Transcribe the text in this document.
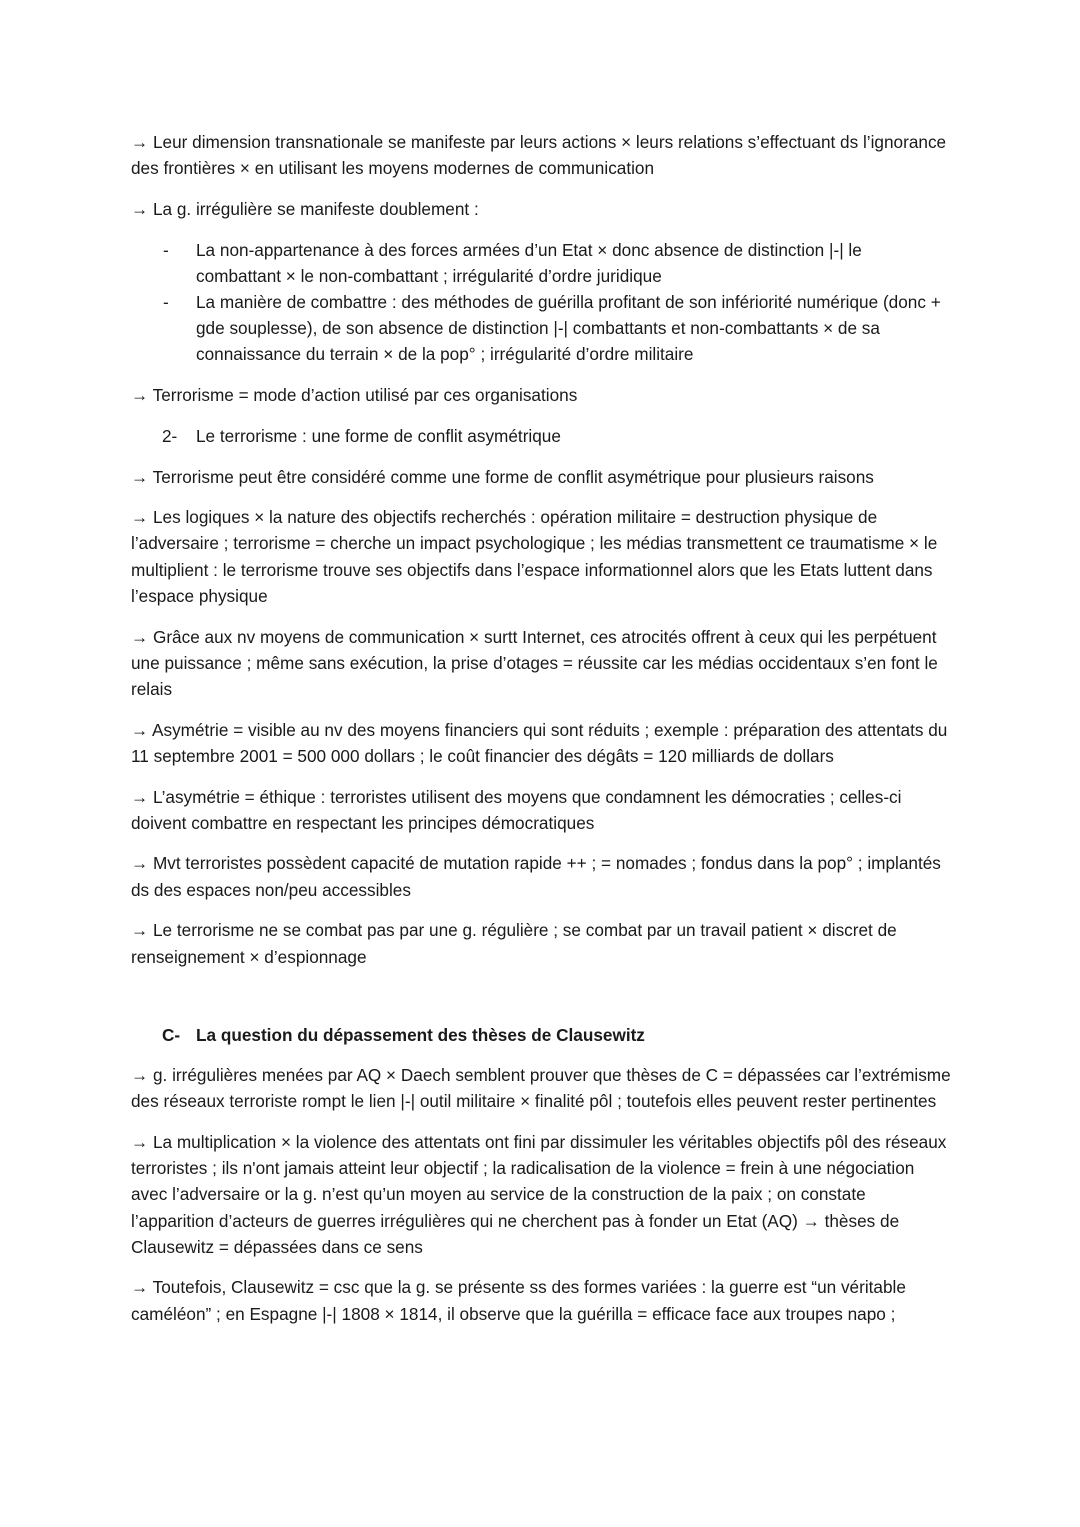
→ Leur dimension transnationale se manifeste par leurs actions × leurs relations s’effectuant ds l’ignorance des frontières × en utilisant les moyens modernes de communication

→ La g. irrégulière se manifeste doublement :

- La non-appartenance à des forces armées d’un Etat × donc absence de distinction |-| le combattant × le non-combattant ; irrégularité d’ordre juridique
- La manière de combattre : des méthodes de guérilla profitant de son infériorité numérique (donc + gde souplesse), de son absence de distinction |-| combattants et non-combattants × de sa connaissance du terrain × de la pop° ; irrégularité d’ordre militaire

→ Terrorisme = mode d’action utilisé par ces organisations

2- Le terrorisme : une forme de conflit asymétrique

→ Terrorisme peut être considéré comme une forme de conflit asymétrique pour plusieurs raisons

→ Les logiques × la nature des objectifs recherchés : opération militaire = destruction physique de l’adversaire ; terrorisme = cherche un impact psychologique ; les médias transmettent ce traumatisme × le multiplient : le terrorisme trouve ses objectifs dans l’espace informationnel alors que les Etats luttent dans l’espace physique

→ Grâce aux nv moyens de communication × surtt Internet, ces atrocités offrent à ceux qui les perpétuent une puissance ; même sans exécution, la prise d’otages = réussite car les médias occidentaux s’en font le relais

→ Asymétrie = visible au nv des moyens financiers qui sont réduits ; exemple : préparation des attentats du 11 septembre 2001 = 500 000 dollars ; le coût financier des dégâts = 120 milliards de dollars

→ L’asymétrie = éthique : terroristes utilisent des moyens que condamnent les démocraties ; celles-ci doivent combattre en respectant les principes démocratiques

→ Mvt terroristes possèdent capacité de mutation rapide ++ ; = nomades ; fondus dans la pop° ; implantés ds des espaces non/peu accessibles

→ Le terrorisme ne se combat pas par une g. régulière ; se combat par un travail patient × discret de renseignement × d’espionnage

C- La question du dépassement des thèses de Clausewitz

→ g. irrégulières menées par AQ × Daech semblent prouver que thèses de C = dépassées car l’extrémisme des réseaux terroriste rompt le lien |-| outil militaire × finalité pôl ; toutefois elles peuvent rester pertinentes

→ La multiplication × la violence des attentats ont fini par dissimuler les véritables objectifs pôl des réseaux terroristes ; ils n'ont jamais atteint leur objectif ; la radicalisation de la violence = frein à une négociation avec l’adversaire or la g. n’est qu’un moyen au service de la construction de la paix ; on constate l’apparition d’acteurs de guerres irrégulières qui ne cherchent pas à fonder un Etat (AQ) → thèses de Clausewitz = dépassées dans ce sens

→ Toutefois, Clausewitz = csc que la g. se présente ss des formes variées : la guerre est “un véritable caméléon” ; en Espagne |-| 1808 × 1814, il observe que la guérilla = efficace face aux troupes napo ;
